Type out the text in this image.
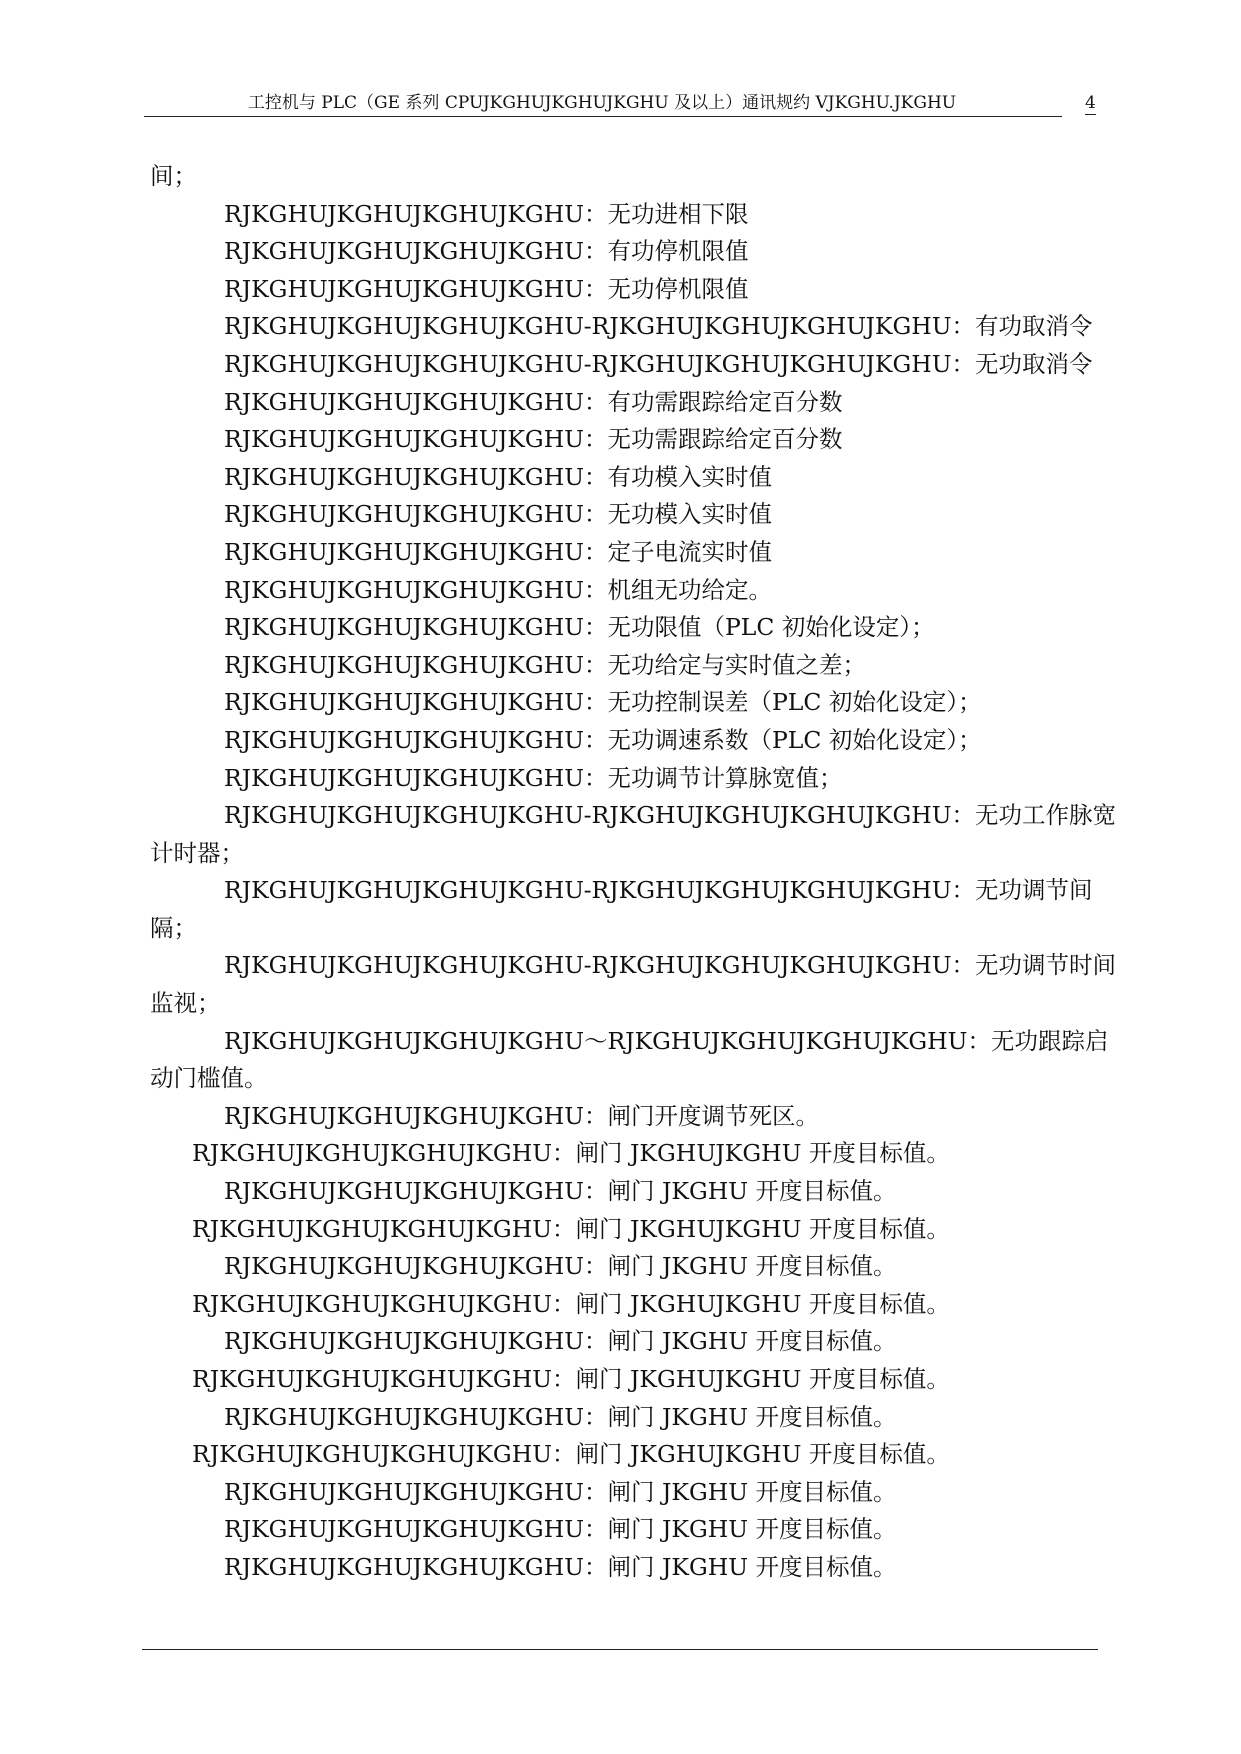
工控机与 PLC（GE 系列 CPUJKGHUJKGHUJKGHU 及以上）通讯规约 VJKGHU.JKGHU	4
间；
RJKGHUJKGHUJKGHUJKGHU：无功进相下限
RJKGHUJKGHUJKGHUJKGHU：有功停机限值
RJKGHUJKGHUJKGHUJKGHU：无功停机限值
RJKGHUJKGHUJKGHUJKGHU-RJKGHUJKGHUJKGHUJKGHU：有功取消令
RJKGHUJKGHUJKGHUJKGHU-RJKGHUJKGHUJKGHUJKGHU：无功取消令
RJKGHUJKGHUJKGHUJKGHU：有功需跟踪给定百分数
RJKGHUJKGHUJKGHUJKGHU：无功需跟踪给定百分数
RJKGHUJKGHUJKGHUJKGHU：有功模入实时值
RJKGHUJKGHUJKGHUJKGHU：无功模入实时值
RJKGHUJKGHUJKGHUJKGHU：定子电流实时值
RJKGHUJKGHUJKGHUJKGHU：机组无功给定。
RJKGHUJKGHUJKGHUJKGHU：无功限值（PLC 初始化设定）；
RJKGHUJKGHUJKGHUJKGHU：无功给定与实时值之差；
RJKGHUJKGHUJKGHUJKGHU：无功控制误差（PLC 初始化设定）；
RJKGHUJKGHUJKGHUJKGHU：无功调速系数（PLC 初始化设定）；
RJKGHUJKGHUJKGHUJKGHU：无功调节计算脉宽值；
RJKGHUJKGHUJKGHUJKGHU-RJKGHUJKGHUJKGHUJKGHU：无功工作脉宽
计时器；
RJKGHUJKGHUJKGHUJKGHU-RJKGHUJKGHUJKGHUJKGHU：无功调节间
隔；
RJKGHUJKGHUJKGHUJKGHU-RJKGHUJKGHUJKGHUJKGHU：无功调节时间
监视；
RJKGHUJKGHUJKGHUJKGHU～RJKGHUJKGHUJKGHUJKGHU：无功跟踪启
动门槛值。
RJKGHUJKGHUJKGHUJKGHU：闸门开度调节死区。
RJKGHUJKGHUJKGHUJKGHU：闸门 JKGHUJKGHU 开度目标值。
RJKGHUJKGHUJKGHUJKGHU：闸门 JKGHU 开度目标值。
RJKGHUJKGHUJKGHUJKGHU：闸门 JKGHUJKGHU 开度目标值。
RJKGHUJKGHUJKGHUJKGHU：闸门 JKGHU 开度目标值。
RJKGHUJKGHUJKGHUJKGHU：闸门 JKGHUJKGHU 开度目标值。
RJKGHUJKGHUJKGHUJKGHU：闸门 JKGHU 开度目标值。
RJKGHUJKGHUJKGHUJKGHU：闸门 JKGHUJKGHU 开度目标值。
RJKGHUJKGHUJKGHUJKGHU：闸门 JKGHU 开度目标值。
RJKGHUJKGHUJKGHUJKGHU：闸门 JKGHUJKGHU 开度目标值。
RJKGHUJKGHUJKGHUJKGHU：闸门 JKGHU 开度目标值。
RJKGHUJKGHUJKGHUJKGHU：闸门 JKGHU 开度目标值。
RJKGHUJKGHUJKGHUJKGHU：闸门 JKGHU 开度目标值。
